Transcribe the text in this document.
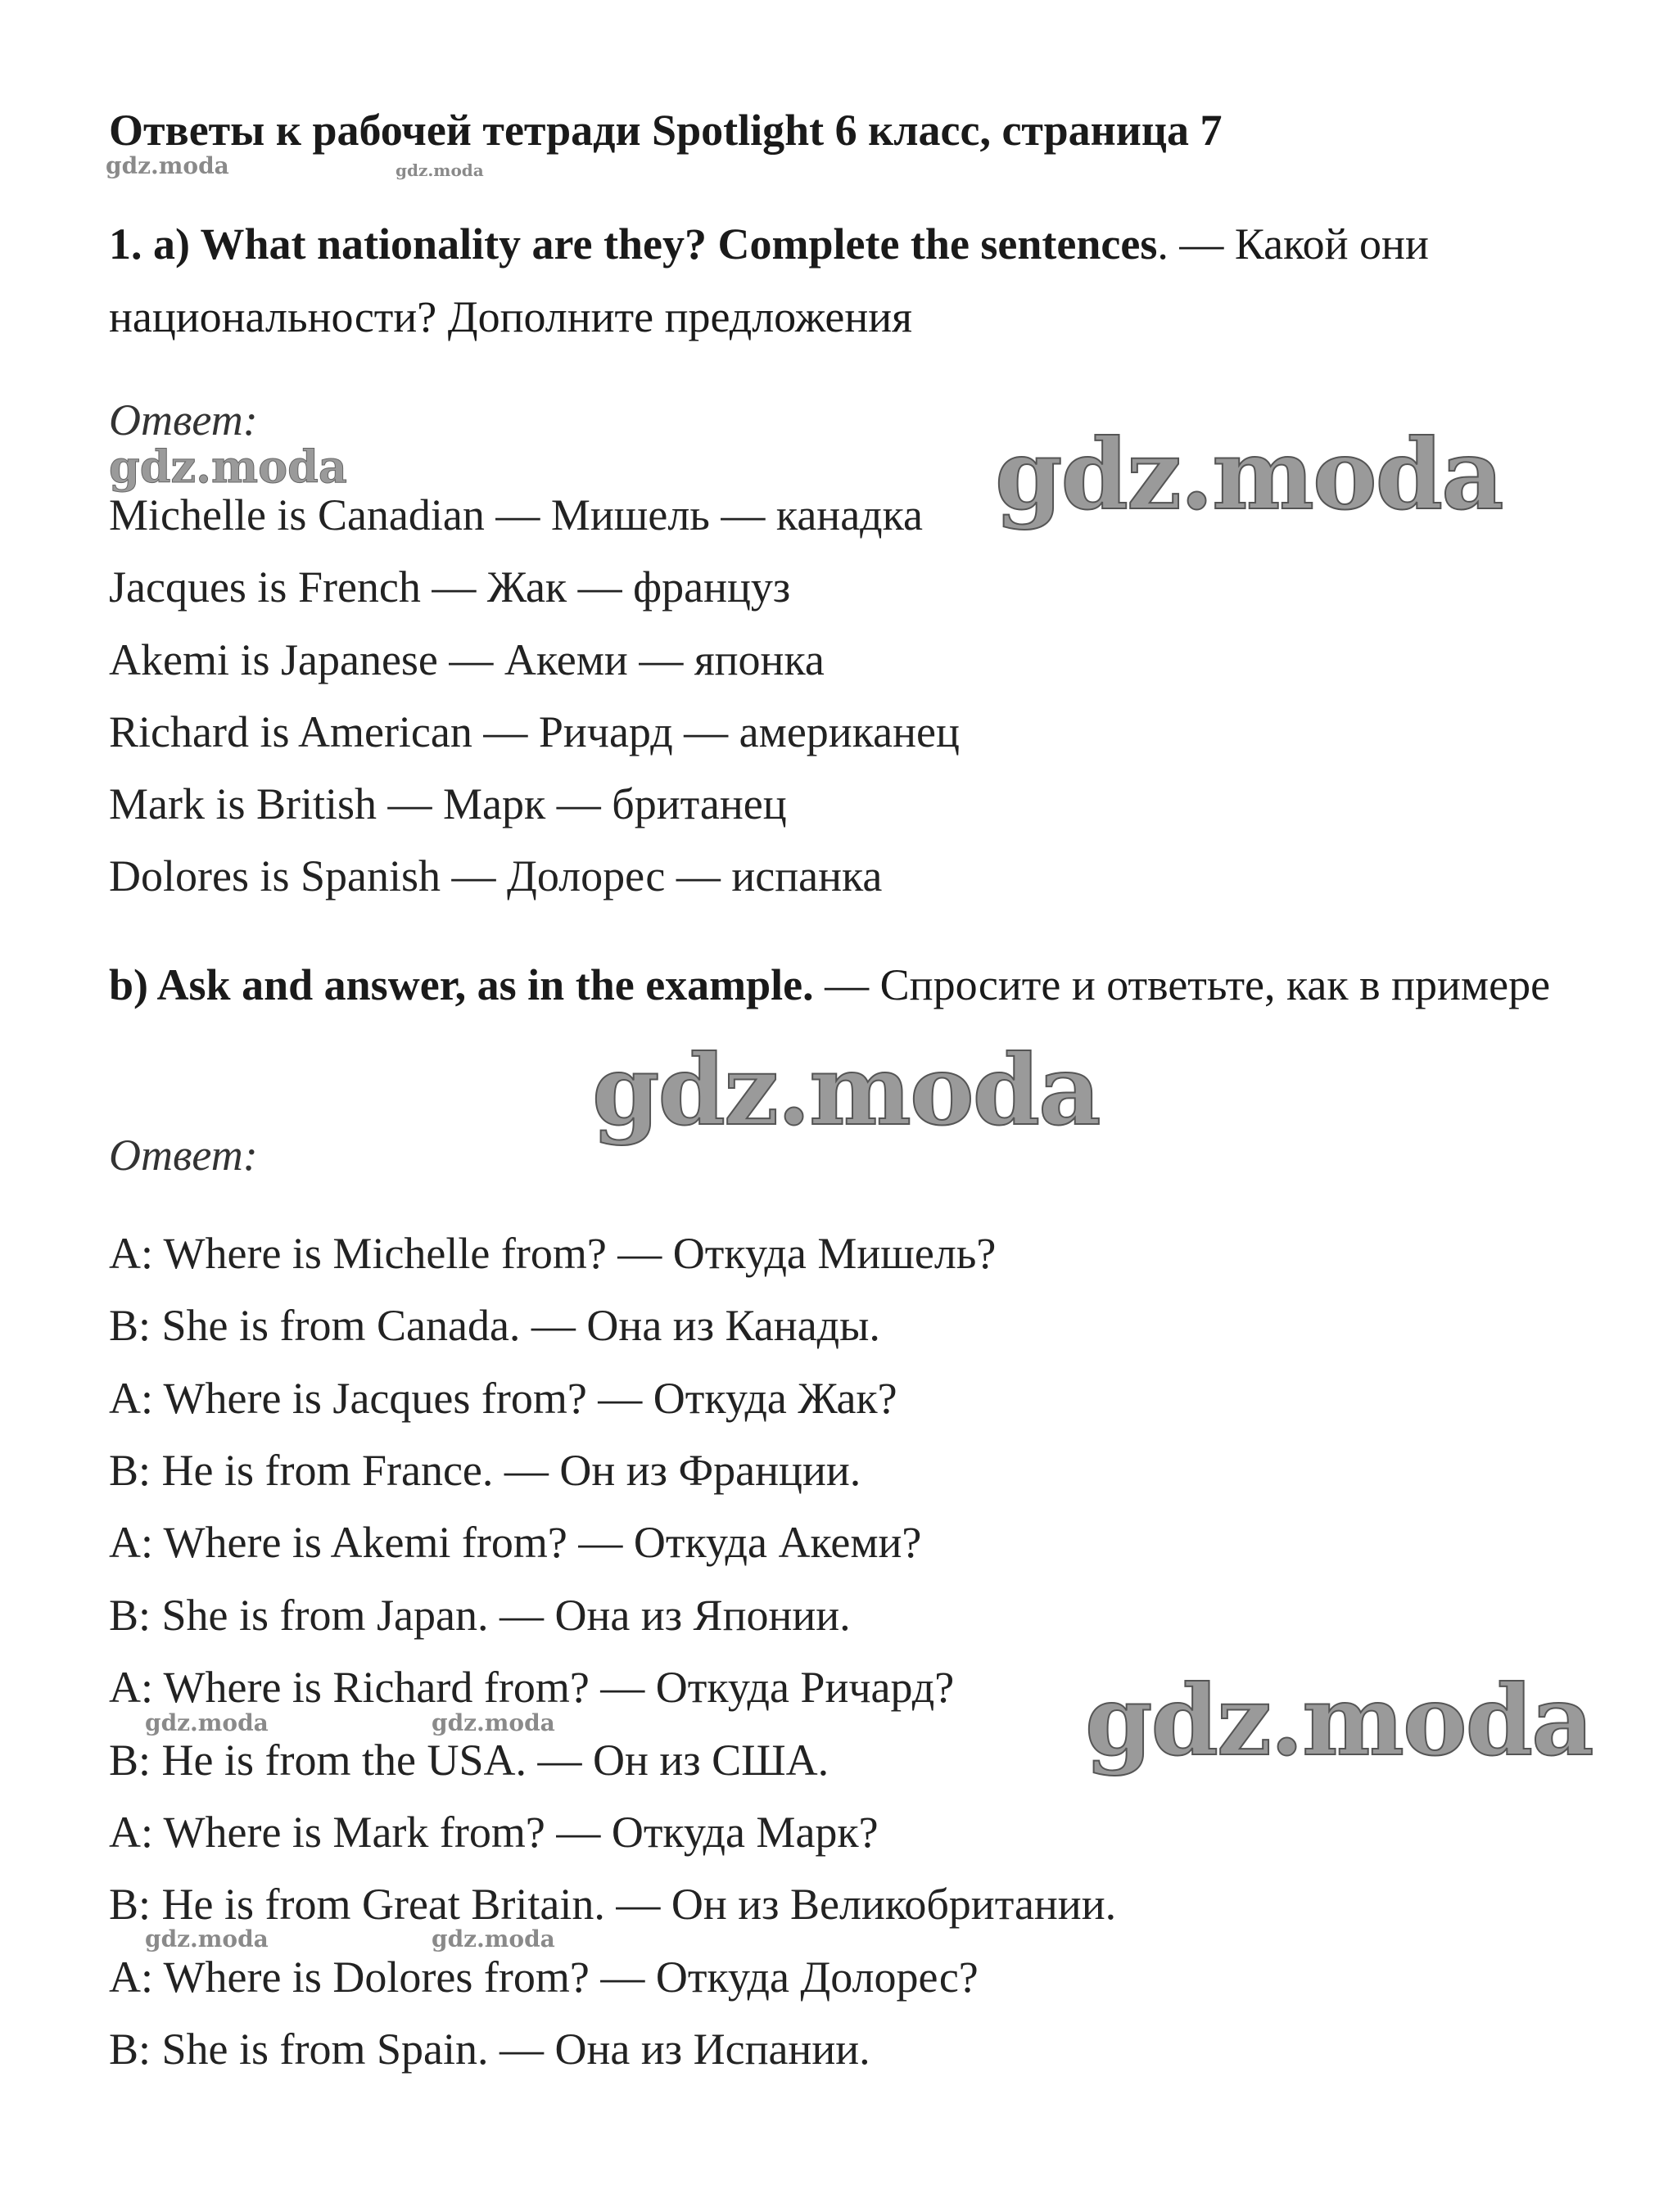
Ответы к рабочей тетради Spotlight 6 класс, страница 7
gdz.moda	gdz.moda
1. a) What nationality are they? Complete the sentences. — Какой они национальности? Дополните предложения
Ответ:
gdz.moda	gdz.moda
Michelle is Canadian — Мишель — канадка
Jacques is French — Жак — француз
Akemi is Japanese — Акеми — японка
Richard is American — Ричард — американец
Mark is British — Марк — британец
Dolores is Spanish — Долорес — испанка
b) Ask and answer, as in the example. — Спросите и ответьте, как в примере
gdz.moda
Ответ:
A: Where is Michelle from? — Откуда Мишель?
B: She is from Canada. — Она из Канады.
A: Where is Jacques from? — Откуда Жак?
B: He is from France. — Он из Франции.
A: Where is Akemi from? — Откуда Акеми?
B: She is from Japan. — Она из Японии.
A: Where is Richard from? — Откуда Ричард?
gdz.moda	gdz.moda	gdz.moda
B: He is from the USA. — Он из США.
A: Where is Mark from? — Откуда Марк?
B: He is from Great Britain. — Он из Великобритании.
gdz.moda	gdz.moda
A: Where is Dolores from? — Откуда Долорес?
B: She is from Spain. — Она из Испании.
